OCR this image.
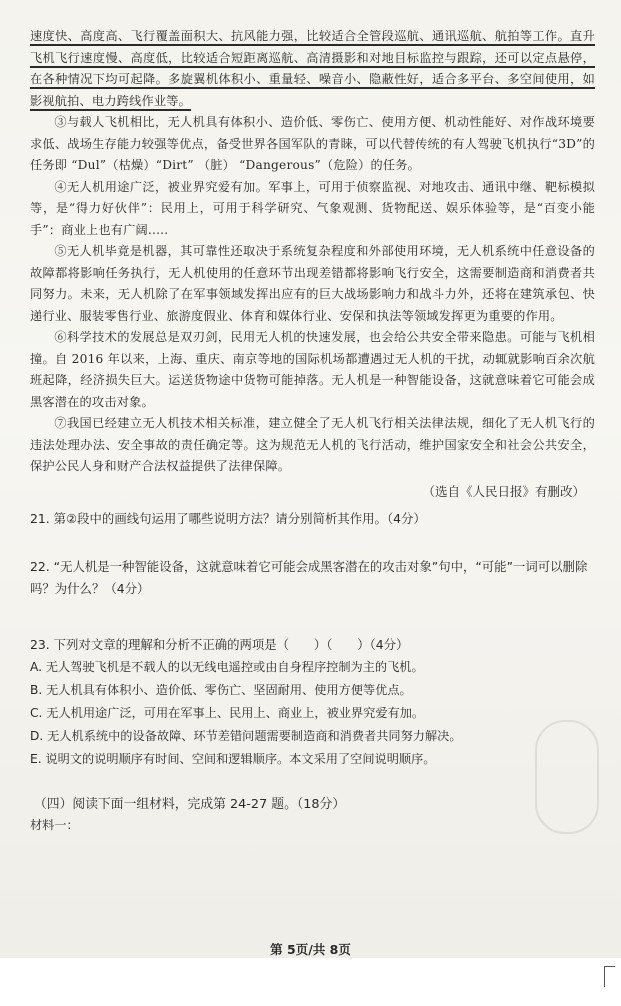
速度快、高度高、飞行覆盖面积大、抗风能力强，比较适合全管段巡航、通讯巡航、航拍等工作。直升飞机飞行速度慢、高度低，比较适合短距离巡航、高清摄影和对地目标监控与跟踪，还可以定点悬停，在各种情况下均可起降。多旋翼机体积小、重量轻、噪音小、隐蔽性好，适合多平台、多空间使用，如影视航拍、电力跨线作业等。

③与载人飞机相比，无人机具有体积小、造价低、零伤亡、使用方便、机动性能好、对作战环境要求低、战场生存能力较强等优点，备受世界各国军队的青睐，可以代替传统的有人驾驶飞机执行“3D”的任务即 “Dul”（枯燥）“Dirt” （脏） “Dangerous”（危险）的任务。

④无人机用途广泛，被业界究爱有加。军事上，可用于侦察监视、对地攻击、通讯中继、靶标模拟等，是“得力好伙伴”：民用上，可用于科学研究、气象观测、货物配送、娱乐体验等，是“百变小能手”：商业上也有广阔.....

⑤无人机毕竟是机器，其可靠性还取决于系统复杂程度和外部使用环境，无人机系统中任意设备的故障都将影响任务执行，无人机使用的任意环节出现差错都将影响飞行安全，这需要制造商和消费者共同努力。未来，无人机除了在军事领域发挥出应有的巨大战场影响力和战斗力外，还将在建筑承包、快递行业、服装零售行业、旅游度假业、体育和媒体行业、安保和执法等领域发挥更为重要的作用。

⑥科学技术的发展总是双刃剑，民用无人机的快速发展，也会给公共安全带来隐患。可能与飞机相撞。自 2016 年以来，上海、重庆、南京等地的国际机场都遭遇过无人机的干扰，动辄就影响百余次航班起降，经济损失巨大。运送货物途中货物可能掉落。无人机是一种智能设备，这就意味着它可能会成黑客潜在的攻击对象。

⑦我国已经建立无人机技术相关标准，建立健全了无人机飞行相关法律法规，细化了无人机飞行的违法处理办法、安全事故的责任确定等。这为规范无人机的飞行活动，维护国家安全和社会公共安全，保护公民人身和财产合法权益提供了法律保障。

（选自《人民日报》有删改）

21. 第②段中的画线句运用了哪些说明方法？请分别简析其作用。（4分）

22. “无人机是一种智能设备，这就意味着它可能会成黑客潜在的攻击对象”句中，“可能”一词可以删除吗？为什么？（4分）

23. 下列对文章的理解和分析不正确的两项是（　　）（　　）（4分）

A. 无人驾驶飞机是不载人的以无线电遥控或由自身程序控制为主的飞机。

B. 无人机具有体积小、造价低、零伤亡、坚固耐用、使用方便等优点。

C. 无人机用途广泛，可用在军事上、民用上、商业上，被业界究爱有加。

D. 无人机系统中的设备故障、环节差错问题需要制造商和消费者共同努力解决。

E. 说明文的说明顺序有时间、空间和逻辑顺序。本文采用了空间说明顺序。

（四）阅读下面一组材料，完成第 24-27 题。（18分）

材料一：

第 5页/共 8页
